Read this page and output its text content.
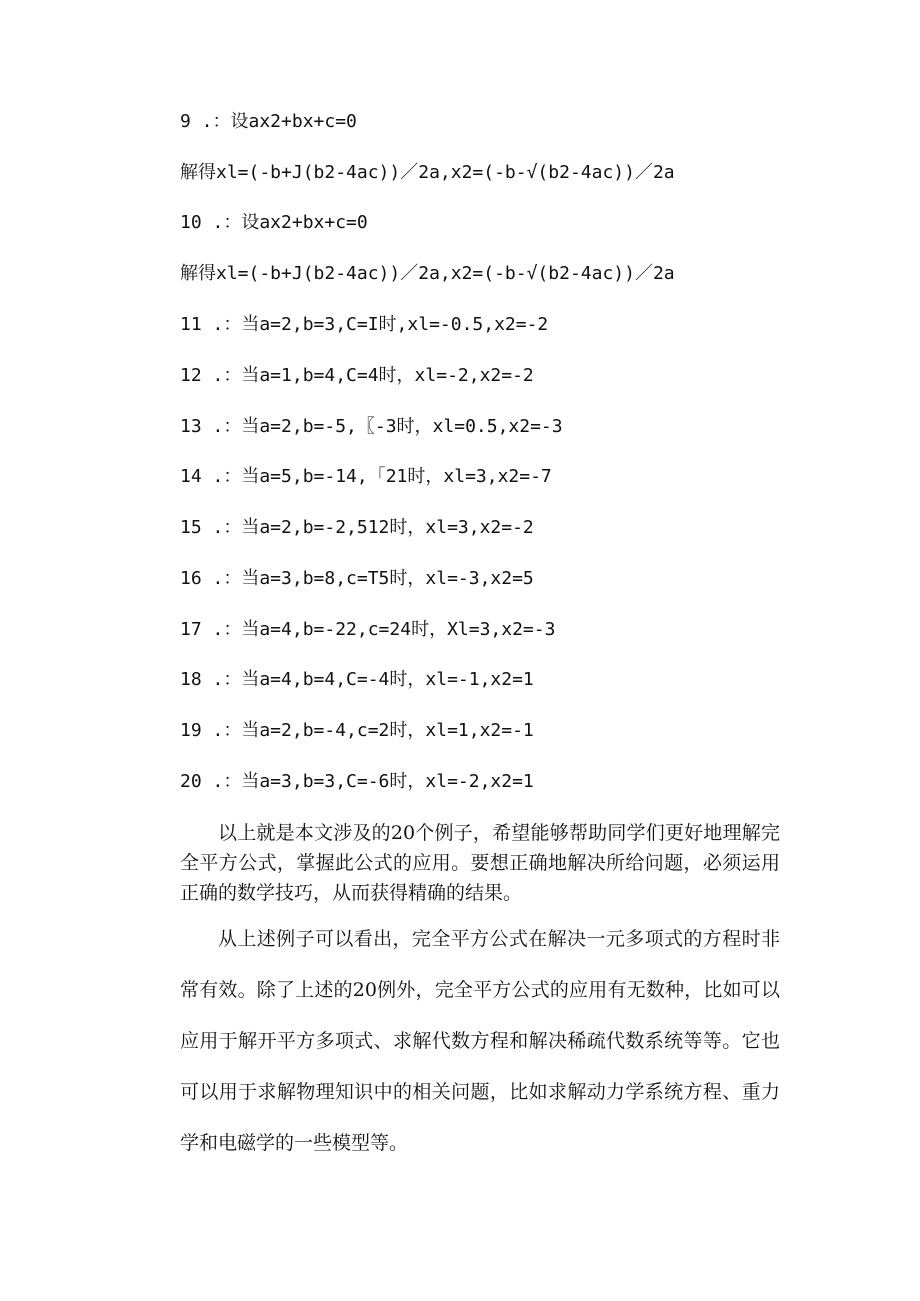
9 .：设ax2+bx+c=0
解得xl=(-b+J(b2-4ac))／2a,x2=(-b-√(b2-4ac))／2a
10 .：设ax2+bx+c=0
解得xl=(-b+J(b2-4ac))／2a,x2=(-b-√(b2-4ac))／2a
11 .：当a=2,b=3,C=I时,xl=-0.5,x2=-2
12 .：当a=1,b=4,C=4时，xl=-2,x2=-2
13 .：当a=2,b=-5,〖-3时，xl=0.5,x2=-3
14 .：当a=5,b=-14,「21时，xl=3,x2=-7
15 .：当a=2,b=-2,512时，xl=3,x2=-2
16 .：当a=3,b=8,c=T5时，xl=-3,x2=5
17 .：当a=4,b=-22,c=24时，Xl=3,x2=-3
18 .：当a=4,b=4,C=-4时，xl=-1,x2=1
19 .：当a=2,b=-4,c=2时，xl=1,x2=-1
20 .：当a=3,b=3,C=-6时，xl=-2,x2=1

以上就是本文涉及的20个例子，希望能够帮助同学们更好地理解完全平方公式，掌握此公式的应用。要想正确地解决所给问题，必须运用正确的数学技巧，从而获得精确的结果。

从上述例子可以看出，完全平方公式在解决一元多项式的方程时非常有效。除了上述的20例外，完全平方公式的应用有无数种，比如可以应用于解开平方多项式、求解代数方程和解决稀疏代数系统等等。它也可以用于求解物理知识中的相关问题，比如求解动力学系统方程、重力学和电磁学的一些模型等。
